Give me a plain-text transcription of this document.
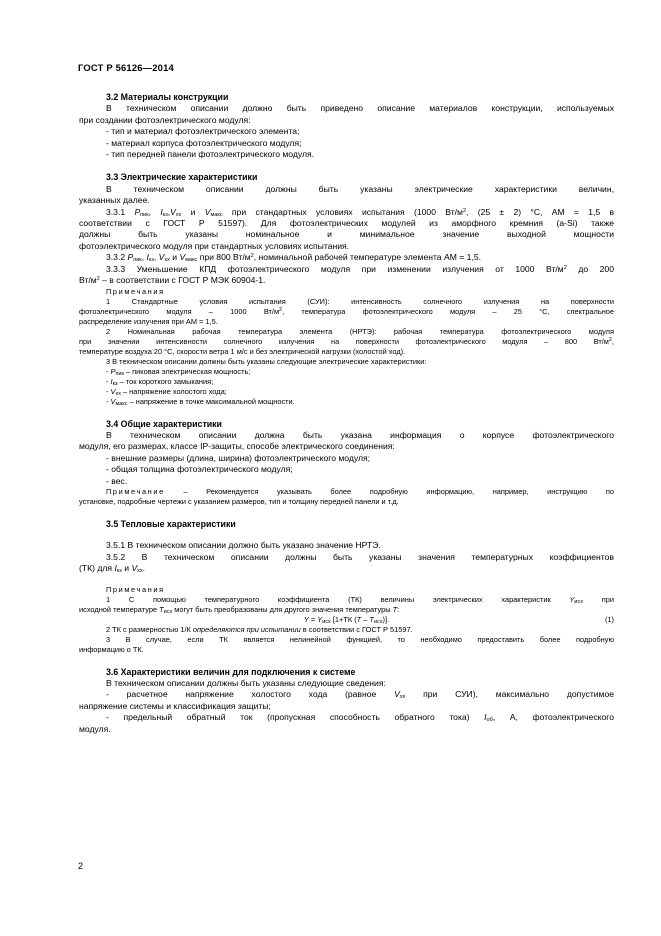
ГОСТ Р 56126—2014

3.2 Материалы конструкции

В техническом описании должно быть приведено описание материалов конструкции, используемых

при создании фотоэлектрического модуля:

- тип и материал фотоэлектрического элемента;

- материал корпуса фотоэлектрического модуля;

- тип передней панели фотоэлектрического модуля.

3.3 Электрические характеристики

В техническом описании должны быть указаны электрические характеристики величин,

указанных далее.

3.3.1 $P_{пик}$, $I_{кз},V_{хх}$ и $V_{макс}$ при стандартных условиях испытания (1000 $Вт/м^2$, (25 ± 2) °С, АМ = 1,5 в

соответствии с ГОСТ Р 51597). Для фотоэлектрических модулей из аморфного кремния (a-Si) также

должны быть указаны номинальное и минимальное значение выходной мощности

фотоэлектрического модуля при стандартных условиях испытания.

3.3.2 $P_{пик}$, $I_{кз}$, $V_{хх}$ и $V_{макс}$ при 800 $Вт/м^2$, номинальной рабочей температуре элемента АМ = 1,5.

3.3.3 Уменьшение КПД фотоэлектрического модуля при изменении излучения от 1000 $Вт/м^2$ до 200

$Вт/м^2$ – в соответствии с ГОСТ Р МЭК 60904-1.

Примечания

1 Стандартные условия испытания (СУИ): интенсивность солнечного излучения на поверхности

фотоэлектрического модуля – 1000 $Вт/м^2$, температура фотоэлектрического модуля – 25 °С, спектральное

распределение излучения при АМ = 1,5.

2 Номинальная рабочая температура элемента (НРТЭ): рабочая температура фотоэлектрического модуля

при значении интенсивности солнечного излучения на поверхности фотоэлектрического модуля – 800 $Вт/м^2$,

температуре воздуха 20 °С, скорости ветра 1 м/с и без электрической нагрузки (холостой ход).

3 В техническом описании должны быть указаны следующие электрические характеристики:

- $P_{пик}$ – пиковая электрическая мощность;

- $I_{кз}$ – ток короткого замыкания;

- $V_{хх}$ – напряжение холостого хода;

- $V_{макс}$ – напряжение в точке максимальной мощности.

3.4 Общие характеристики

В техническом описании должна быть указана информация о корпусе фотоэлектрического

модуля, его размерах, классе IP-защиты, способе электрического соединения:

- внешние размеры (длина, ширина) фотоэлектрического модуля;

- общая толщина фотоэлектрического модуля;

- вес.

Примечание – Рекомендуется указывать более подробную информацию, например, инструкцию по

установке, подробные чертежи с указанием размеров, тип и толщину передней панели и т.д.

3.5 Тепловые характеристики

3.5.1 В техническом описании должно быть указано значение НРТЭ.

3.5.2 В техническом описании должны быть указаны значения температурных коэффициентов

(ТК) для $I_{кз}$ и $V_{хх}$.

Примечания

1 С помощью температурного коэффициента (ТК) величины электрических характеристик	$Y_{исх}$	при

исходной температуре $T_{исх}$ могут быть преобразованы для другого значения температуры T:

$Y = Y_{исх}$ [1+ТК $(T - T_{исх})$].	(1)

2 ТК с размерностью 1/К определяются при испытании в соответствии с ГОСТ Р 51597.

3 В случае, если ТК является нелинейной функцией, то необходимо предоставить более подробную

информацию о ТК.

3.6 Характеристики величин для подключения к системе

В техническом описании должны быть указаны следующие сведения:

- расчетное напряжение холостого хода (равное $V_{хх}$ при СУИ), максимально допустимое

напряжение системы и классификация защиты;

- предельный обратный ток (пропускная способность обратного тока) $I_{об}$, А, фотоэлектрического

модуля.

2
